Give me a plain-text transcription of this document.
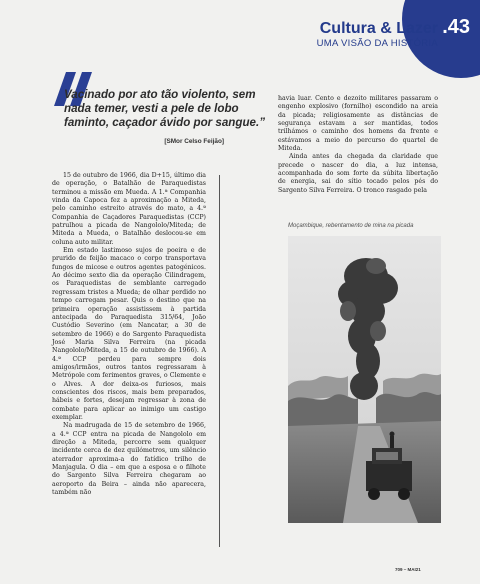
.43
Cultura & Lazer
UMA VISÃO DA HISTÓRIA
Vacinado por ato tão violento, sem nada temer, vesti a pele de lobo faminto, caçador ávido por sangue.”
[SMor Celso Feijão]

15 de outubro de 1966, dia D+15, último dia de operação, o Batalhão de Paraquedistas terminou a missão em Mueda. A 1.ª Companhia vinda da Capoca fez a aproximação a Miteda, pelo caminho estreito através do mato, a 4.ª Companhia de Caçadores Paraquedistas (CCP) patrulhou a picada de Nangololo/Miteda; de Miteda a Mueda, o Batalhão deslocou-se em coluna auto militar.

Em estado lastimoso sujos de poeira e de prurido de feijão macaco o corpo transportava fungos de micose e outros agentes patogénicos. Ao décimo sexto dia da operação Cilindragem, os Paraquedistas de semblante carregado regressam tristes a Mueda; de olhar perdido no tempo carregam pesar. Quis o destino que na primeira operação assistissem à partida antecipada do Paraquedista 315/64, João Custódio Severino (em Nancatar, a 30 de setembro de 1966) e do Sargento Paraquedista José Maria Silva Ferreira (na picada Nangololo/Miteda, a 15 de outubro de 1966). A 4.ª CCP perdeu para sempre dois amigos/irmãos, outros tantos regressaram à Metrópole com ferimentos graves, o Clemente e o Alves. A dor deixa-os furiosos, mais conscientes dos riscos, mais bem preparados, hábeis e fortes, desejam regressar à zona de combate para aplicar ao inimigo um castigo exemplar.

Na madrugada de 15 de setembro de 1966, a 4.ª CCP entra na picada de Nangololo em direção a Miteda, percorre sem qualquer incidente cerca de dez quilómetros, um silêncio aterrador aproxima-a do fatídico trilho de Manjagula. O dia – em que a esposa e o filhote do Sargento Silva Ferreira chegaram ao aeroporto da Beira – ainda não aparecera, também não

havia luar. Cento e dezoito militares passaram o engenho explosivo (fornilho) escondido na areia da picada; religiosamente as distâncias de segurança estavam a ser mantidas, todos trilhámos o caminho dos homens da frente e estávamos a meio do percurso do quartel de Miteda.

Ainda antes da chegada da claridade que precede o nascer do dia, a luz intensa, acompanhada do som forte da súbita libertação de energia, sai do sítio tocado pelos pés do Sargento Silva Ferreira. O tronco rasgado pela

Moçambique, rebentamento de mina na picada
709 – MAI21
